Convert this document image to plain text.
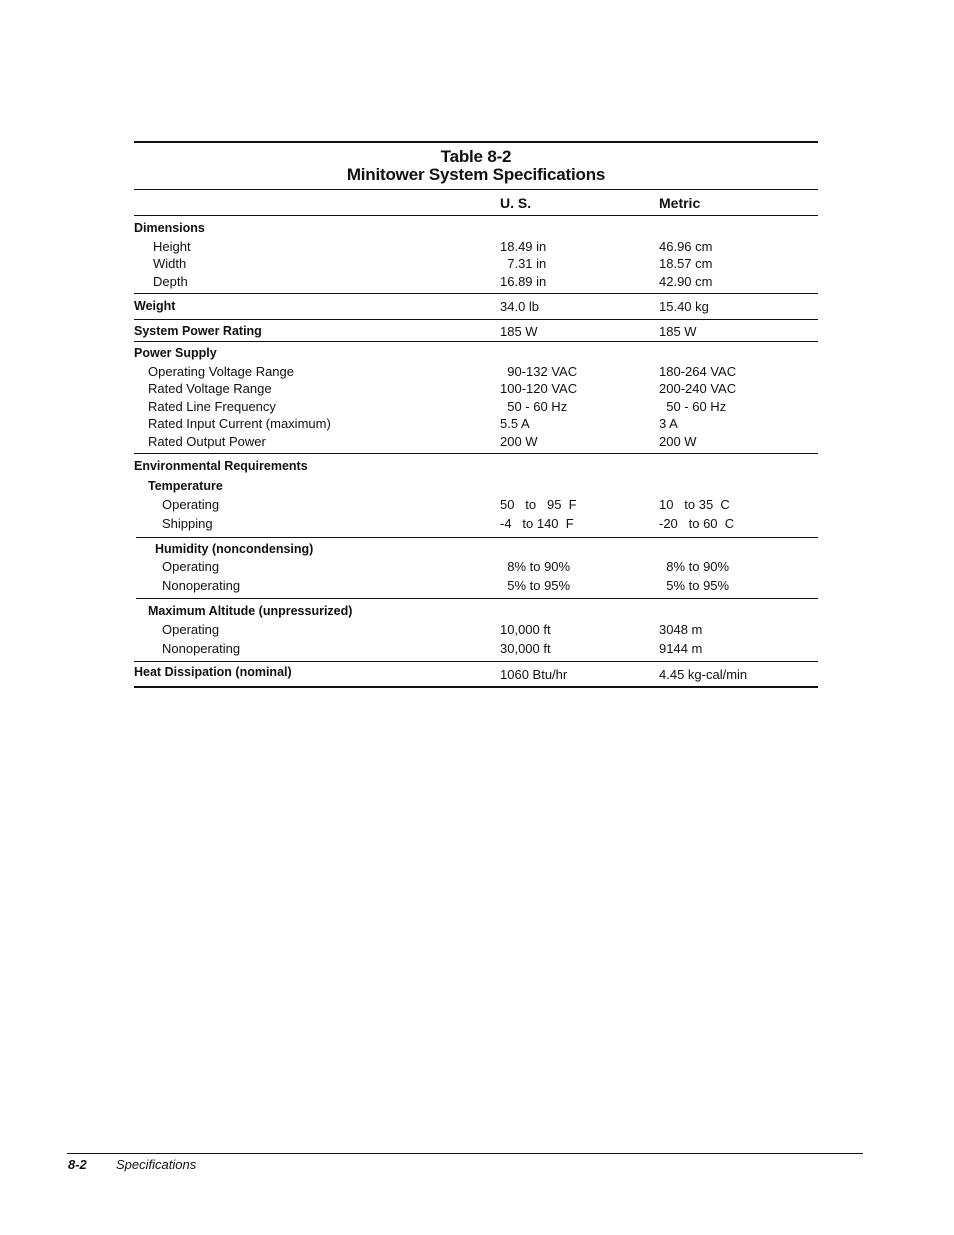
Table 8-2
Minitower System Specifications
U. S.	Metric
Dimensions
Height	18.49 in	46.96 cm
Width	7.31 in	18.57 cm
Depth	16.89 in	42.90 cm
Weight	34.0 lb	15.40 kg
System Power Rating	185 W	185 W
Power Supply
Operating Voltage Range	90-132 VAC	180-264 VAC
Rated Voltage Range	100-120 VAC	200-240 VAC
Rated Line Frequency	50 - 60 Hz	50 - 60 Hz
Rated Input Current (maximum)	5.5 A	3 A
Rated Output Power	200 W	200 W
Environmental Requirements
Temperature
Operating	50   to   95  F	10   to 35  C
Shipping	-4   to 140  F	-20   to 60  C
Humidity (noncondensing)
Operating	8% to 90%	8% to 90%
Nonoperating	5% to 95%	5% to 95%
Maximum Altitude (unpressurized)
Operating	10,000 ft	3048 m
Nonoperating	30,000 ft	9144 m
Heat Dissipation (nominal)	1060 Btu/hr	4.45 kg-cal/min
8-2 Specifications
